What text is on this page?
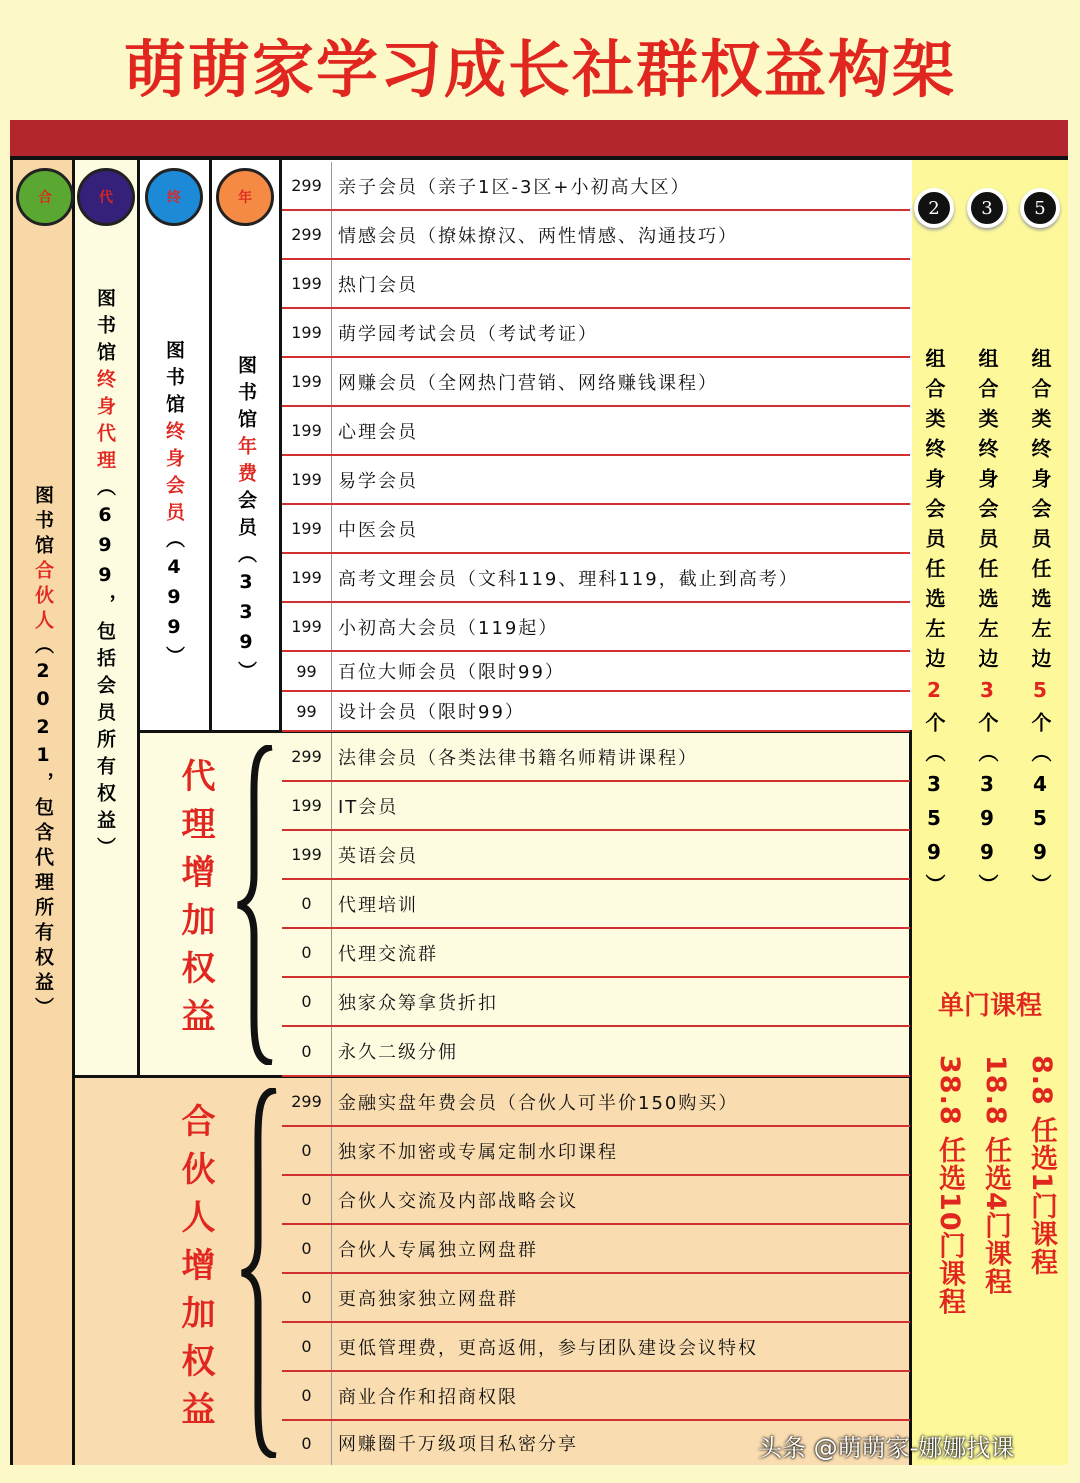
萌萌家学习成长社群权益构架
合
图书馆合伙人（2021，包含代理所有权益）
代
图书馆终身代理（699，包括会员所有权益）
终
图书馆终身会员（499）
年
图书馆年费会员（339）
代理增加权益
合伙人增加权益
299 亲子会员（亲子1区-3区+小初高大区）
299 情感会员（撩妹撩汉、两性情感、沟通技巧）
199 热门会员
199 萌学园考试会员（考试考证）
199 网赚会员（全网热门营销、网络赚钱课程）
199 心理会员
199 易学会员
199 中医会员
199 高考文理会员（文科119、理科119，截止到高考）
199 小初高大会员（119起）
99	百位大师会员（限时99）
99	设计会员（限时99）
299 法律会员（各类法律书籍名师精讲课程）
199 IT会员
199 英语会员
0	代理培训
0	代理交流群
0	独家众筹拿货折扣
0	永久二级分佣
299 金融实盘年费会员（合伙人可半价150购买）
0	独家不加密或专属定制水印课程
0	合伙人交流及内部战略会议
0	合伙人专属独立网盘群
0	更高独家独立网盘群
0	更低管理费，更高返佣，参与团队建设会议特权
0	商业合作和招商权限
0	网赚圈千万级项目私密分享
2
组合类终身会员任选左边2个（359）
3
组合类终身会员任选左边3个（399）
5
组合类终身会员任选左边5个（459）
单门课程
8.8 任选1门课程
18.8 任选4门课程
38.8 任选10门课程
头条 @萌萌家-娜娜找课
